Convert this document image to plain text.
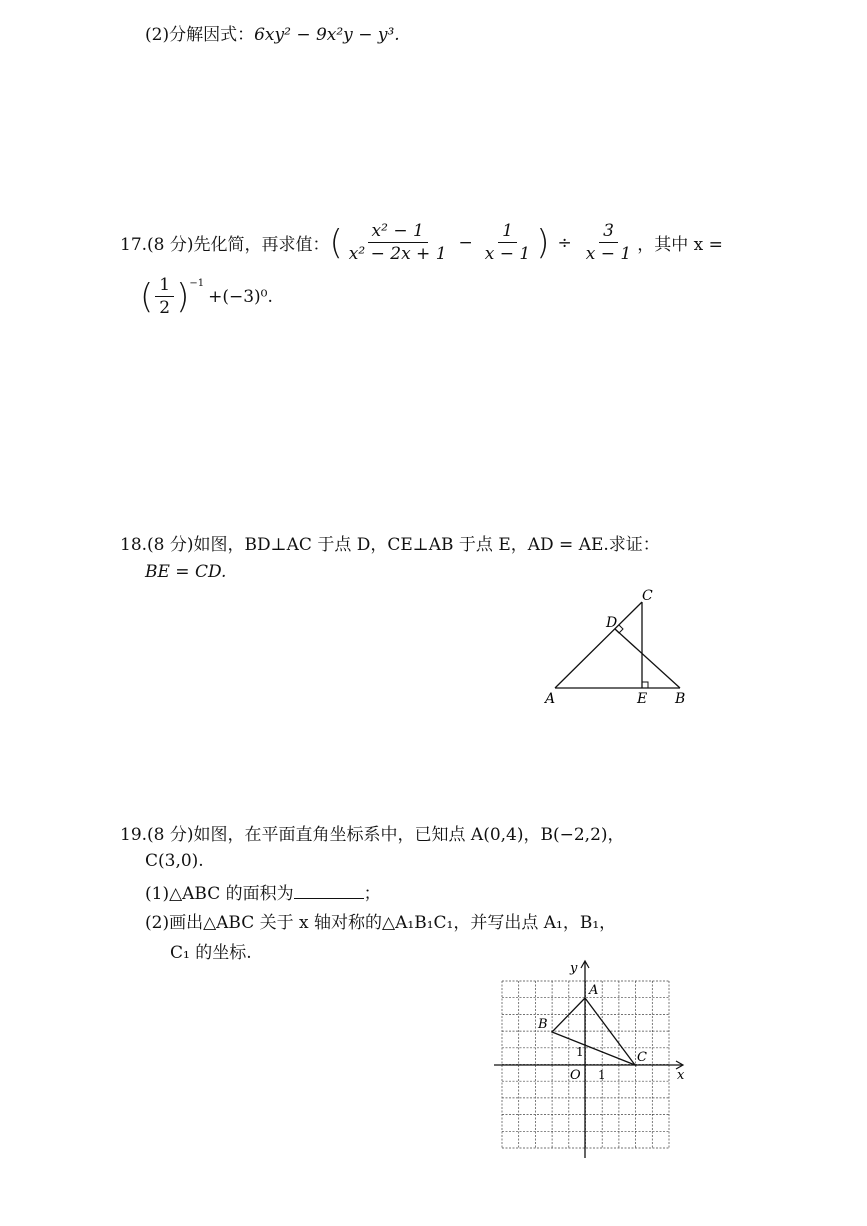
(2)分解因式：6xy² − 9x²y − y³.
17.(8 分)先化简，再求值： ( $\frac{\text{x² − 1}}{\text{x² − 2x + 1}} - \frac{1}{x - 1}$ ) ÷ $\frac{3}{x - 1}$ ，其中 x =
( $\frac{1}{2}$ ) −1
+(−3)⁰.
18.(8 分)如图，BD⊥AC 于点 D，CE⊥AB 于点 E，AD = AE.求证：
BE = CD.
A	E B
C
D
19.(8 分)如图，在平面直角坐标系中，已知点 A(0,4)，B(−2,2)，
C(3,0).
(1)△ABC 的面积为	；
(2)画出△ABC 关于 x 轴对称的△A₁B₁C₁，并写出点 A₁，B₁，
C₁ 的坐标.
x
y
O 1
1
A
B
C
